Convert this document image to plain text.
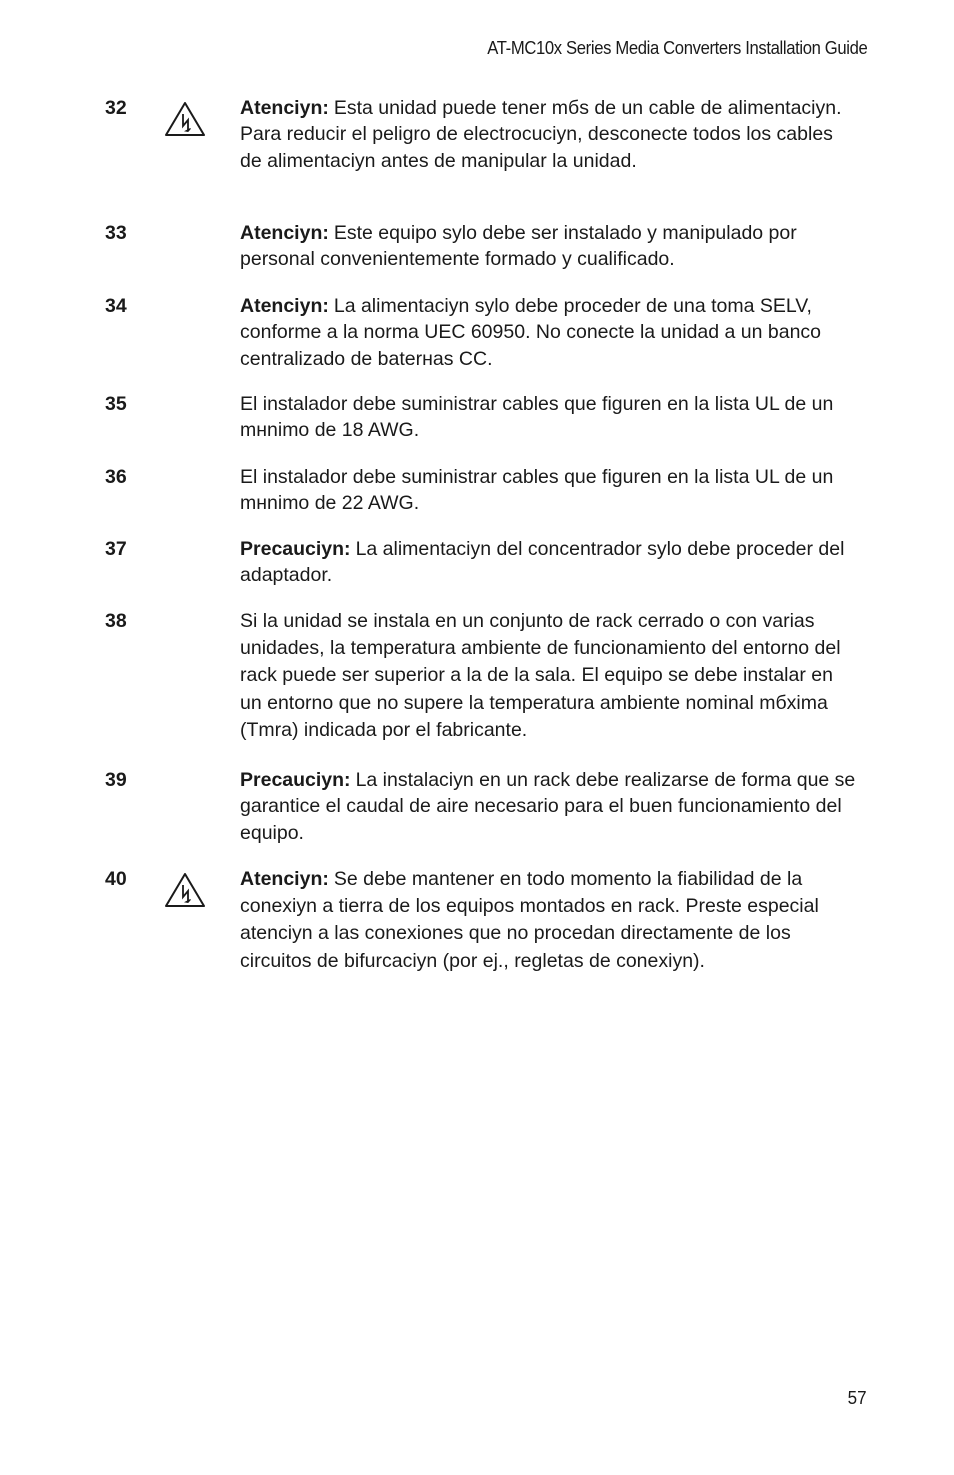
AT-MC10x Series Media Converters Installation Guide
32	Atenciyn: Esta unidad puede tener mбs de un cable de alimentaciyn. Para reducir el peligro de electrocuciyn, desconecte todos los cables de alimentaciyn antes de manipular la unidad.
33	Atenciyn: Este equipo sylo debe ser instalado y manipulado por personal convenientemente formado y cualificado.
34	Atenciyn: La alimentaciyn sylo debe proceder de una toma SELV, conforme a la norma UEC 60950. No conecte la unidad a un banco centralizado de baterнas CC.
35	El instalador debe suministrar cables que figuren en la lista UL de un mнnimo de 18 AWG.
36	El instalador debe suministrar cables que figuren en la lista UL de un mнnimo de 22 AWG.
37	Precauciyn: La alimentaciyn del concentrador sylo debe proceder del adaptador.
38	Si la unidad se instala en un conjunto de rack cerrado o con varias unidades, la temperatura ambiente de funcionamiento del entorno del rack puede ser superior a la de la sala. El equipo se debe instalar en un entorno que no supere la temperatura ambiente nominal mбxima (Tmra) indicada por el fabricante.
39	Precauciyn: La instalaciyn en un rack debe realizarse de forma que se garantice el caudal de aire necesario para el buen funcionamiento del equipo.
40	Atenciyn: Se debe mantener en todo momento la fiabilidad de la conexiyn a tierra de los equipos montados en rack. Preste especial atenciyn a las conexiones que no procedan directamente de los circuitos de bifurcaciyn (por ej., regletas de conexiyn).
57
